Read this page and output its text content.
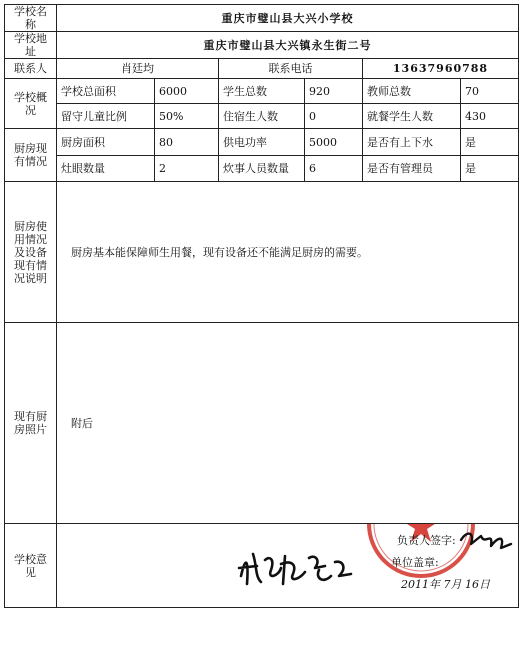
学校名称	重庆市璧山县大兴小学校					
学校地址	重庆市璧山县大兴镇永生街二号					
联系人	肖廷均		联系电话		13637960788	
学校概况	学校总面积	6000	学生总数	920	教师总数	70
	留守儿童比例	50%	住宿生人数	0	就餐学生人数	430
厨房现有情况	厨房面积	80	供电功率	5000	是否有上下水	是
	灶眼数量	2	炊事人员数量	6	是否有管理员	是
厨房使用情况及设备现有情况说明	厨房基本能保障师生用餐，现有设备还不能满足厨房的需要。					
现有厨房照片	附后					
学校意见	大兴小学
负责人签字:
单位盖章:
2011年 7月 16日					
